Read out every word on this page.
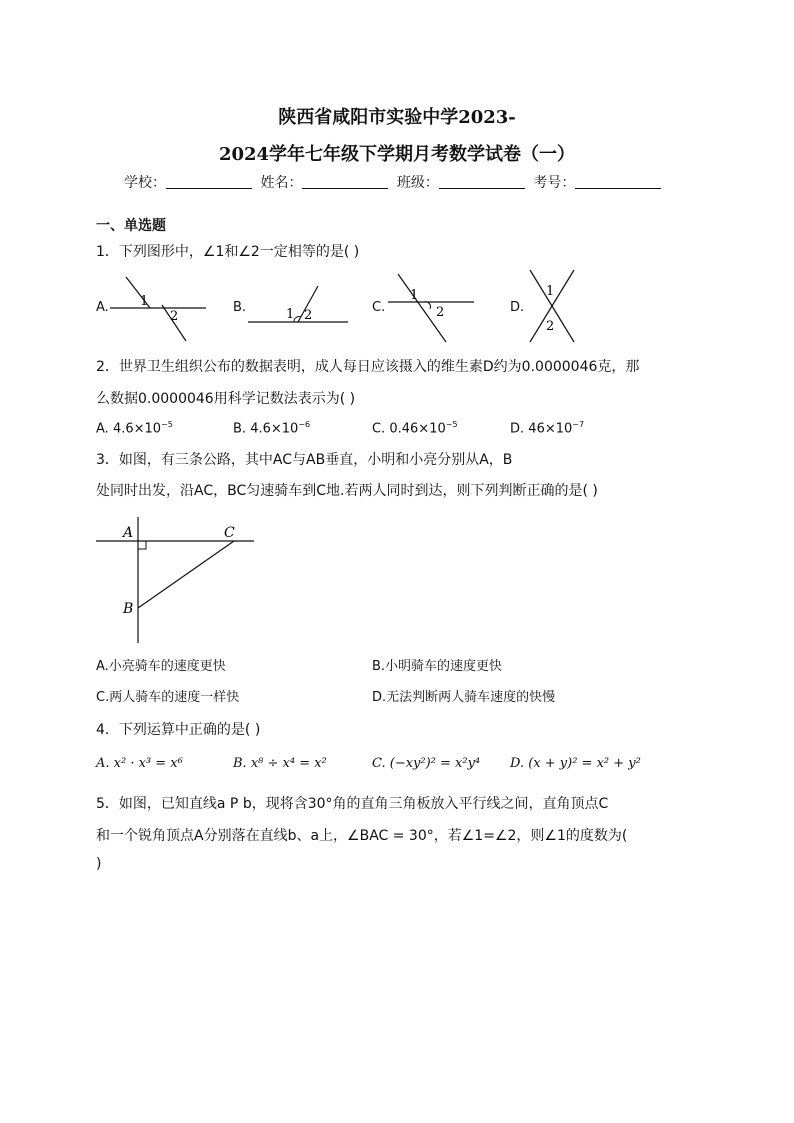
陕西省咸阳市实验中学2023-
2024学年七年级下学期月考数学试卷（一）
学校：	姓名：	班级：	考号：
一、单选题
1．下列图形中，∠1和∠2一定相等的是( )
A. 1
2
B.	1 2
C.
1
2	D.
1
2
2．世界卫生组织公布的数据表明，成人每日应该摄入的维生素D约为0.0000046克，那
么数据0.0000046用科学记数法表示为( )
A. $4.6\times 10^{-5}$	B. $4.6\times 10^{-6}$	C. $0.46\times 10^{-5}$	D. $46\times 10^{-7}$
3．如图，有三条公路，其中AC与AB垂直，小明和小亮分别从A，B
处同时出发，沿AC，BC匀速骑车到C地.若两人同时到达，则下列判断正确的是( )
A	C
B
A.小亮骑车的速度更快	B.小明骑车的速度更快
C.两人骑车的速度一样快	D.无法判断两人骑车速度的快慢
4．下列运算中正确的是( )
A. x² · x³ = x⁶	B. x⁸ ÷ x⁴ = x²	C. (−xy²)² = x²y⁴ D. (x + y)² = x² + y²
5．如图，已知直线a P b，现将含30°角的直角三角板放入平行线之间，直角顶点C
和一个锐角顶点A分别落在直线b、a上，∠BAC = 30°，若∠1=∠2，则∠1的度数为(
)
